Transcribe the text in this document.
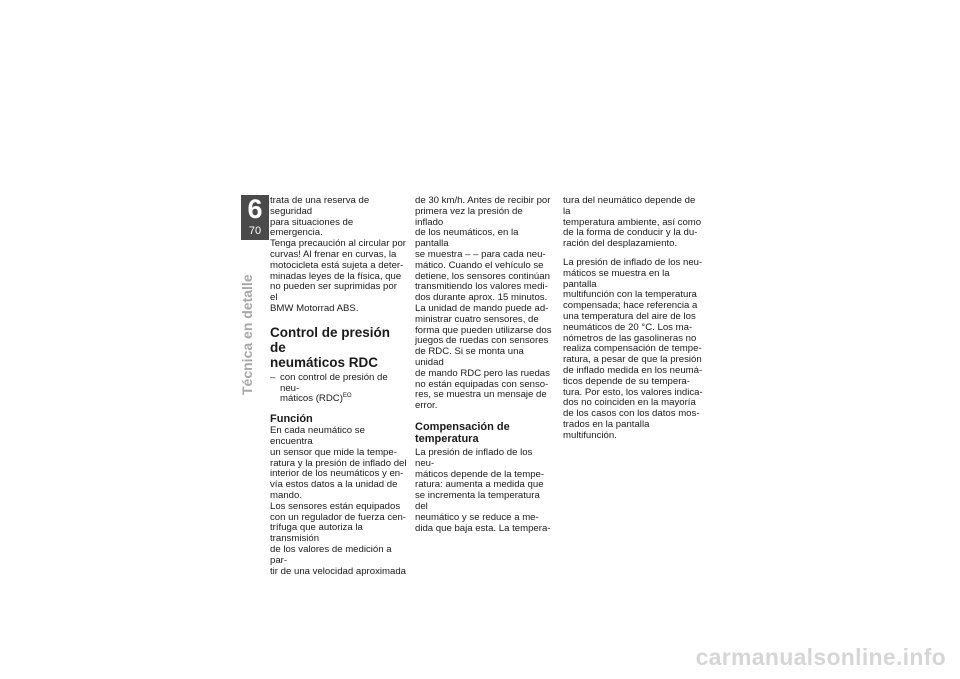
6
70
Técnica en detalle
trata de una reserva de seguridad
para situaciones de emergencia.
Tenga precaución al circular por
curvas! Al frenar en curvas, la
motocicleta está sujeta a deter-
minadas leyes de la física, que
no pueden ser suprimidas por el
BMW Motorrad ABS.
Control de presión de
neumáticos RDC
– con control de presión de neu-
máticos (RDC)$^{EO}$
Función
En cada neumático se encuentra
un sensor que mide la tempe-
ratura y la presión de inflado del
interior de los neumáticos y en-
vía estos datos a la unidad de
mando.
Los sensores están equipados
con un regulador de fuerza cen-
trífuga que autoriza la transmisión
de los valores de medición a par-
tir de una velocidad aproximada
de 30 km/h. Antes de recibir por
primera vez la presión de inflado
de los neumáticos, en la pantalla
se muestra – – para cada neu-
mático. Cuando el vehículo se
detiene, los sensores continúan
transmitiendo los valores medi-
dos durante aprox. 15 minutos.
La unidad de mando puede ad-
ministrar cuatro sensores, de
forma que pueden utilizarse dos
juegos de ruedas con sensores
de RDC. Si se monta una unidad
de mando RDC pero las ruedas
no están equipadas con senso-
res, se muestra un mensaje de
error.
Compensación de
temperatura
La presión de inflado de los neu-
máticos depende de la tempe-
ratura: aumenta a medida que
se incrementa la temperatura del
neumático y se reduce a me-
dida que baja esta. La tempera-
tura del neumático depende de la
temperatura ambiente, así como
de la forma de conducir y la du-
ración del desplazamiento.
La presión de inflado de los neu-
máticos se muestra en la pantalla
multifunción con la temperatura
compensada; hace referencia a
una temperatura del aire de los
neumáticos de 20 °C. Los ma-
nómetros de las gasolineras no
realiza compensación de tempe-
ratura, a pesar de que la presión
de inflado medida en los neumá-
ticos depende de su tempera-
tura. Por esto, los valores indica-
dos no coinciden en la mayoría
de los casos con los datos mos-
trados en la pantalla multifunción.
carmanualsonline.info
